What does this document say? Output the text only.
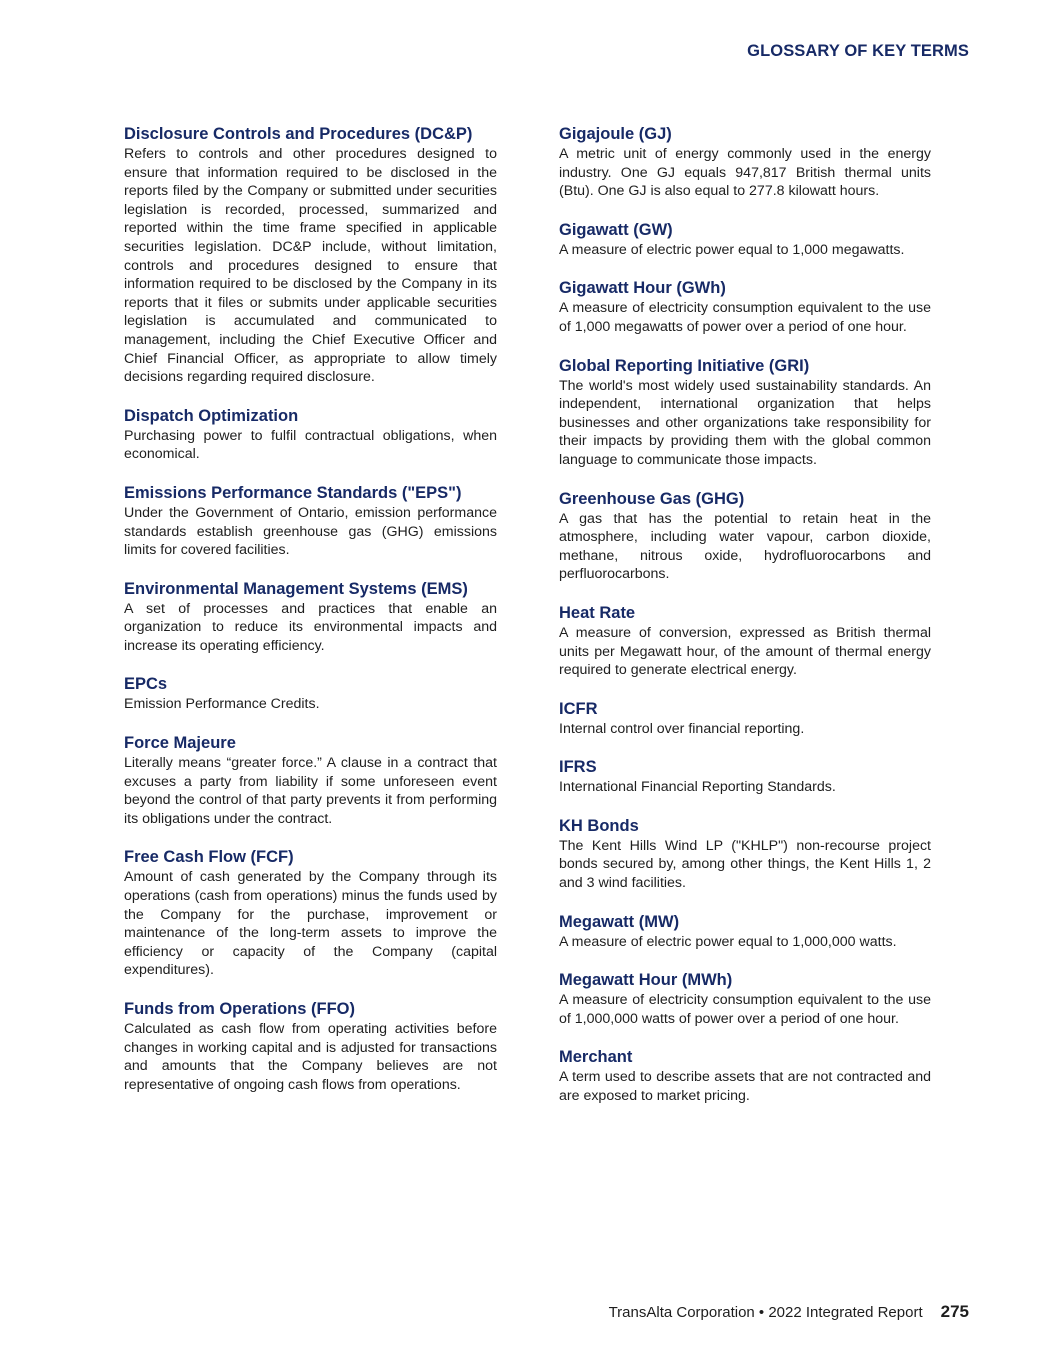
GLOSSARY OF KEY TERMS
Disclosure Controls and Procedures (DC&P)

Refers to controls and other procedures designed to ensure that information required to be disclosed in the reports filed by the Company or submitted under securities legislation is recorded, processed, summarized and reported within the time frame specified in applicable securities legislation. DC&P include, without limitation, controls and procedures designed to ensure that information required to be disclosed by the Company in its reports that it files or submits under applicable securities legislation is accumulated and communicated to management, including the Chief Executive Officer and Chief Financial Officer, as appropriate to allow timely decisions regarding required disclosure.

Dispatch Optimization

Purchasing power to fulfil contractual obligations, when economical.

Emissions Performance Standards ("EPS")

Under the Government of Ontario, emission performance standards establish greenhouse gas (GHG) emissions limits for covered facilities.

Environmental Management Systems (EMS)

A set of processes and practices that enable an organization to reduce its environmental impacts and increase its operating efficiency.

EPCs

Emission Performance Credits.

Force Majeure

Literally means “greater force.” A clause in a contract that excuses a party from liability if some unforeseen event beyond the control of that party prevents it from performing its obligations under the contract.

Free Cash Flow (FCF)

Amount of cash generated by the Company through its operations (cash from operations) minus the funds used by the Company for the purchase, improvement or maintenance of the long-term assets to improve the efficiency or capacity of the Company (capital expenditures).

Funds from Operations (FFO)

Calculated as cash flow from operating activities before changes in working capital and is adjusted for transactions and amounts that the Company believes are not representative of ongoing cash flows from operations.

Gigajoule (GJ)

A metric unit of energy commonly used in the energy industry. One GJ equals 947,817 British thermal units (Btu). One GJ is also equal to 277.8 kilowatt hours.

Gigawatt (GW)

A measure of electric power equal to 1,000 megawatts.

Gigawatt Hour (GWh)

A measure of electricity consumption equivalent to the use of 1,000 megawatts of power over a period of one hour.

Global Reporting Initiative (GRI)

The world's most widely used sustainability standards. An independent, international organization that helps businesses and other organizations take responsibility for their impacts by providing them with the global common language to communicate those impacts.

Greenhouse Gas (GHG)

A gas that has the potential to retain heat in the atmosphere, including water vapour, carbon dioxide, methane, nitrous oxide, hydrofluorocarbons and perfluorocarbons.

Heat Rate

A measure of conversion, expressed as British thermal units per Megawatt hour, of the amount of thermal energy required to generate electrical energy.

ICFR

Internal control over financial reporting.

IFRS

International Financial Reporting Standards.

KH Bonds

The Kent Hills Wind LP ("KHLP") non-recourse project bonds secured by, among other things, the Kent Hills 1, 2 and 3 wind facilities.

Megawatt (MW)

A measure of electric power equal to 1,000,000 watts.

Megawatt Hour (MWh)

A measure of electricity consumption equivalent to the use of 1,000,000 watts of power over a period of one hour.

Merchant

A term used to describe assets that are not contracted and are exposed to market pricing.

TransAlta Corporation • 2022 Integrated Report 275
